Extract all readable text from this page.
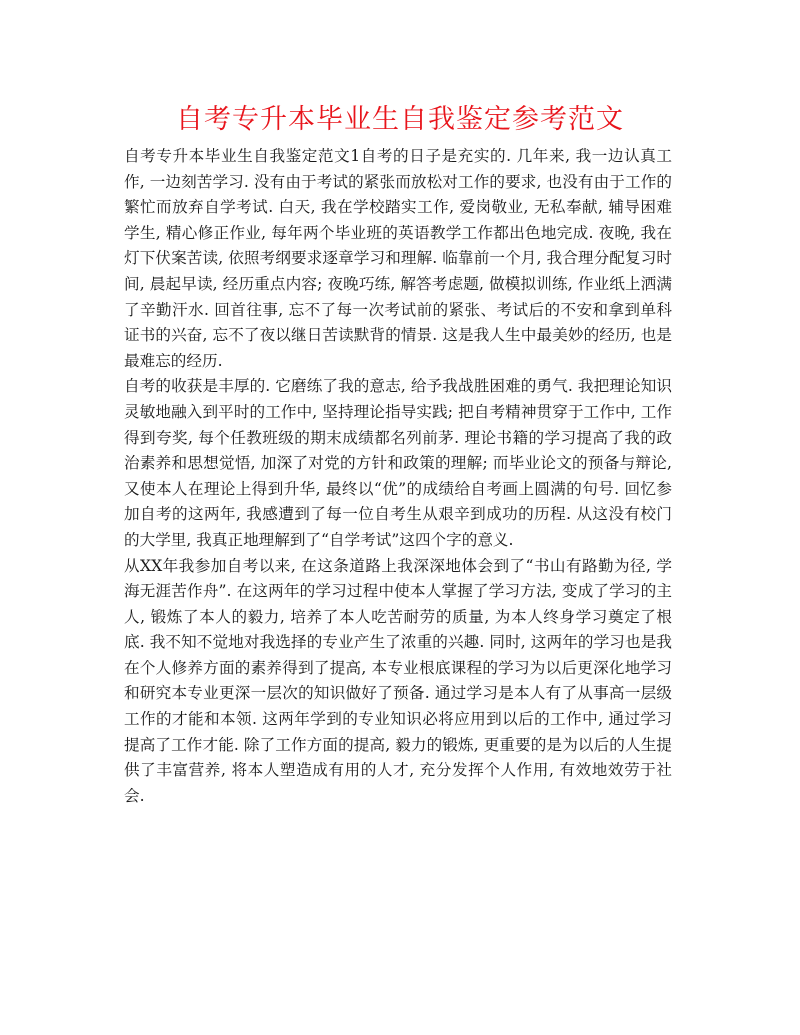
自考专升本毕业生自我鉴定参考范文

自考专升本毕业生自我鉴定范文1自考的日子是充实的. 几年来, 我一边认真工作, 一边刻苦学习. 没有由于考试的紧张而放松对工作的要求, 也没有由于工作的繁忙而放弃自学考试. 白天, 我在学校踏实工作, 爱岗敬业, 无私奉献, 辅导困难学生, 精心修正作业, 每年两个毕业班的英语教学工作都出色地完成. 夜晚, 我在灯下伏案苦读, 依照考纲要求逐章学习和理解. 临靠前一个月, 我合理分配复习时间, 晨起早读, 经历重点内容; 夜晚巧练, 解答考虑题, 做模拟训练, 作业纸上洒满了辛勤汗水. 回首往事, 忘不了每一次考试前的紧张、考试后的不安和拿到单科证书的兴奋, 忘不了夜以继日苦读默背的情景. 这是我人生中最美妙的经历, 也是最难忘的经历.

自考的收获是丰厚的. 它磨练了我的意志, 给予我战胜困难的勇气. 我把理论知识灵敏地融入到平时的工作中, 坚持理论指导实践; 把自考精神贯穿于工作中, 工作得到夸奖, 每个任教班级的期末成绩都名列前茅. 理论书籍的学习提高了我的政治素养和思想觉悟, 加深了对党的方针和政策的理解; 而毕业论文的预备与辩论, 又使本人在理论上得到升华, 最终以“优”的成绩给自考画上圆满的句号. 回忆参加自考的这两年, 我感遭到了每一位自考生从艰辛到成功的历程. 从这没有校门的大学里, 我真正地理解到了“自学考试”这四个字的意义.

从XX年我参加自考以来, 在这条道路上我深深地体会到了“书山有路勤为径, 学海无涯苦作舟”. 在这两年的学习过程中使本人掌握了学习方法, 变成了学习的主人, 锻炼了本人的毅力, 培养了本人吃苦耐劳的质量, 为本人终身学习奠定了根底. 我不知不觉地对我选择的专业产生了浓重的兴趣. 同时, 这两年的学习也是我在个人修养方面的素养得到了提高, 本专业根底课程的学习为以后更深化地学习和研究本专业更深一层次的知识做好了预备. 通过学习是本人有了从事高一层级工作的才能和本领. 这两年学到的专业知识必将应用到以后的工作中, 通过学习提高了工作才能. 除了工作方面的提高, 毅力的锻炼, 更重要的是为以后的人生提供了丰富营养, 将本人塑造成有用的人才, 充分发挥个人作用, 有效地效劳于社会.
